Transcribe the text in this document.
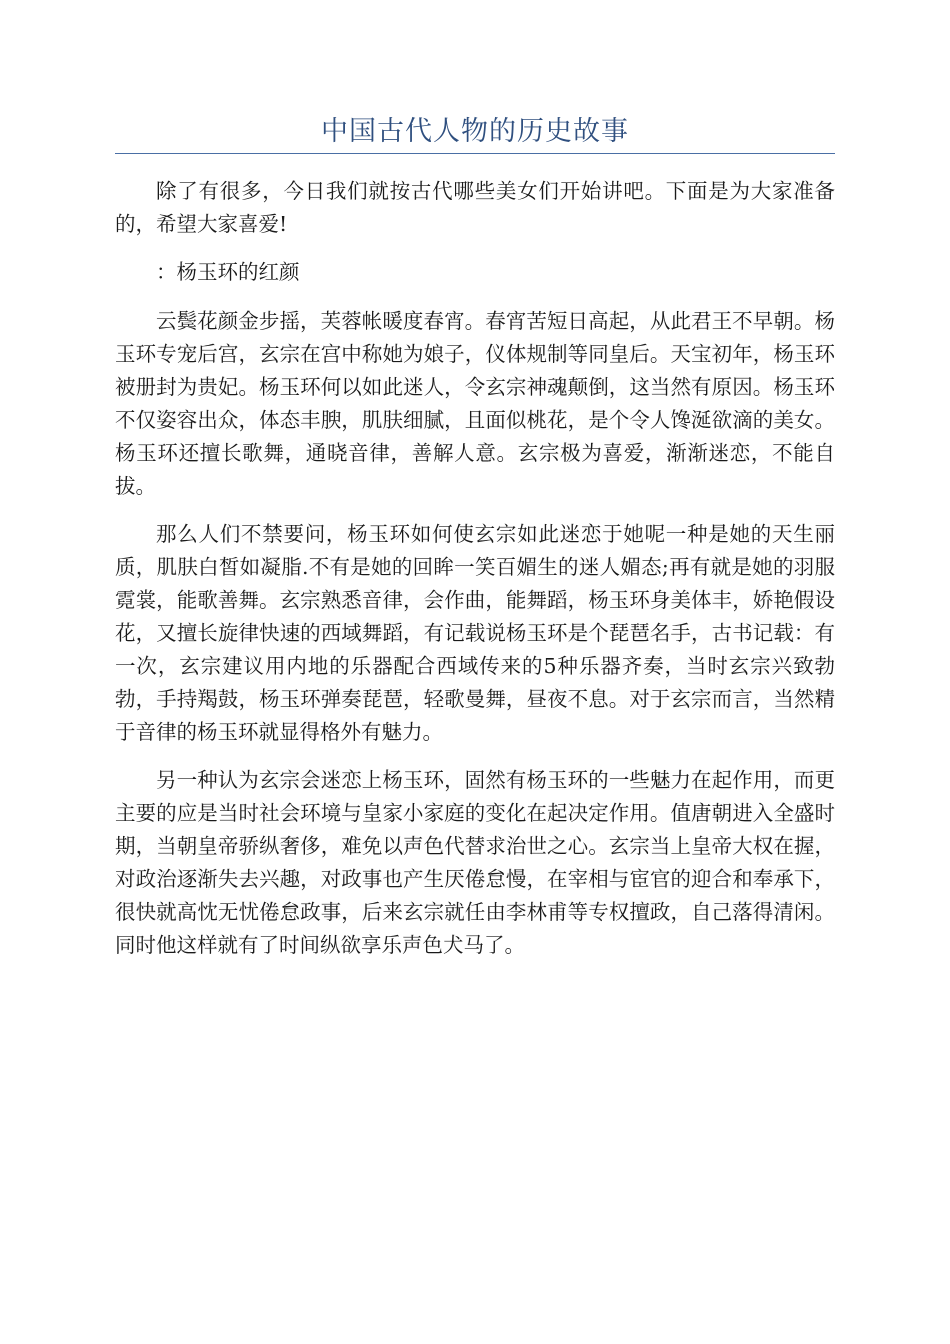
中国古代人物的历史故事

除了有很多，今日我们就按古代哪些美女们开始讲吧。下面是为大家准备的，希望大家喜爱!

：杨玉环的红颜

云鬓花颜金步摇，芙蓉帐暖度春宵。春宵苦短日高起，从此君王不早朝。杨玉环专宠后宫，玄宗在宫中称她为娘子，仪体规制等同皇后。天宝初年，杨玉环被册封为贵妃。杨玉环何以如此迷人，令玄宗神魂颠倒，这当然有原因。杨玉环不仅姿容出众，体态丰腴，肌肤细腻，且面似桃花，是个令人馋涎欲滴的美女。杨玉环还擅长歌舞，通晓音律，善解人意。玄宗极为喜爱，渐渐迷恋，不能自拔。

那么人们不禁要问，杨玉环如何使玄宗如此迷恋于她呢一种是她的天生丽质，肌肤白皙如凝脂.不有是她的回眸一笑百媚生的迷人媚态;再有就是她的羽服霓裳，能歌善舞。玄宗熟悉音律，会作曲，能舞蹈，杨玉环身美体丰，娇艳假设花，又擅长旋律快速的西域舞蹈，有记载说杨玉环是个琵琶名手，古书记载：有一次，玄宗建议用内地的乐器配合西域传来的5种乐器齐奏，当时玄宗兴致勃勃，手持羯鼓，杨玉环弹奏琵琶，轻歌曼舞，昼夜不息。对于玄宗而言，当然精于音律的杨玉环就显得格外有魅力。

另一种认为玄宗会迷恋上杨玉环，固然有杨玉环的一些魅力在起作用，而更主要的应是当时社会环境与皇家小家庭的变化在起决定作用。值唐朝进入全盛时期，当朝皇帝骄纵奢侈，难免以声色代替求治世之心。玄宗当上皇帝大权在握，对政治逐渐失去兴趣，对政事也产生厌倦怠慢，在宰相与宦官的迎合和奉承下，很快就高忱无忧倦怠政事，后来玄宗就任由李林甫等专权擅政，自己落得清闲。同时他这样就有了时间纵欲享乐声色犬马了。
